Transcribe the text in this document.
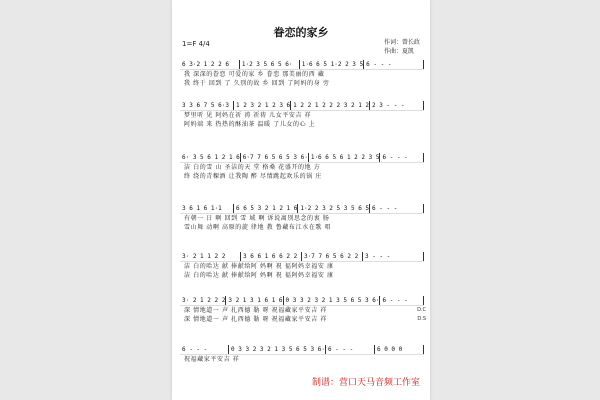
眷恋的家乡
1=F 4/4	作词：曾长政
作曲：夏凯
6 3·2 1 2 2 6	1·2 3 5 6 5 6·	1·6 6 5 1·2 2 3 5 6 - - -
我 深深的眷恋 可爱的家 乡 眷恋 那美丽的西 藏
我 终于 回到 了 久别的故 乡 回到 了阿妈的身 旁
3 3 6 7 5 6·3	1 2 3 2 1 2 3 6 1 2 2 1 2 2 2 3 2 1 2 2 3 - - -
梦里听 见 阿妈在祈 祷 祈祷 儿女平安吉 祥
阿妈端 来 热热的酥油茶 温暖 了儿女的心 上
6· 3 5 6 1 2 1 6 6·7 7 6 5 6 5 3 6· 1·6 6 5 6 1 2 2 3 5 6 - - -
洁 白的雪 山 圣洁的天 堂 格桑 花盛开的地 方
终 绕的青稞酒 让我陶 醉 尽情跳起欢乐的锅 庄
3 6 1 6 1·1	6 6 5 3 2 1 2 1 6 1·2 2 3 2 5 3 5 6 5 6 - - -
有朝一 日 啊 回到 雪 域 啊 诉说离别思念的衷 肠
雪山舞 动啊 高原的旋 律地 教 鲁藏布江水在歌 唱
3· 2 1 1 2 2	3 6 6 1 6 6 2 2	3·7 7 6 5 6 2 2	3 - - -
洁 白的哈达 献 捧献给阿 妈啊 祝 福阿妈幸福安 康
洁 白的哈达 献 捧献给阿 妈啊 祝 福阿妈幸福安 康
3· 2 1 2 2 2 3 2 1 3 1 6 1 6 0 3 3 2 3 2 1 3 5 6 5 3 6· 6 - - -
深 情地道一 声 扎西德 勒 呀 祝福藏家平安吉 祥
深 情地道一 声 扎西德 勒 呀 祝福藏家平安吉 祥
D.C
D.S
6 - - -	0 3 3 2 3 2 1 3 5 6 5 3 6· 6 - - -	6 0 0 0
祝福藏家平安吉 祥
制谱：营口天马音频工作室
